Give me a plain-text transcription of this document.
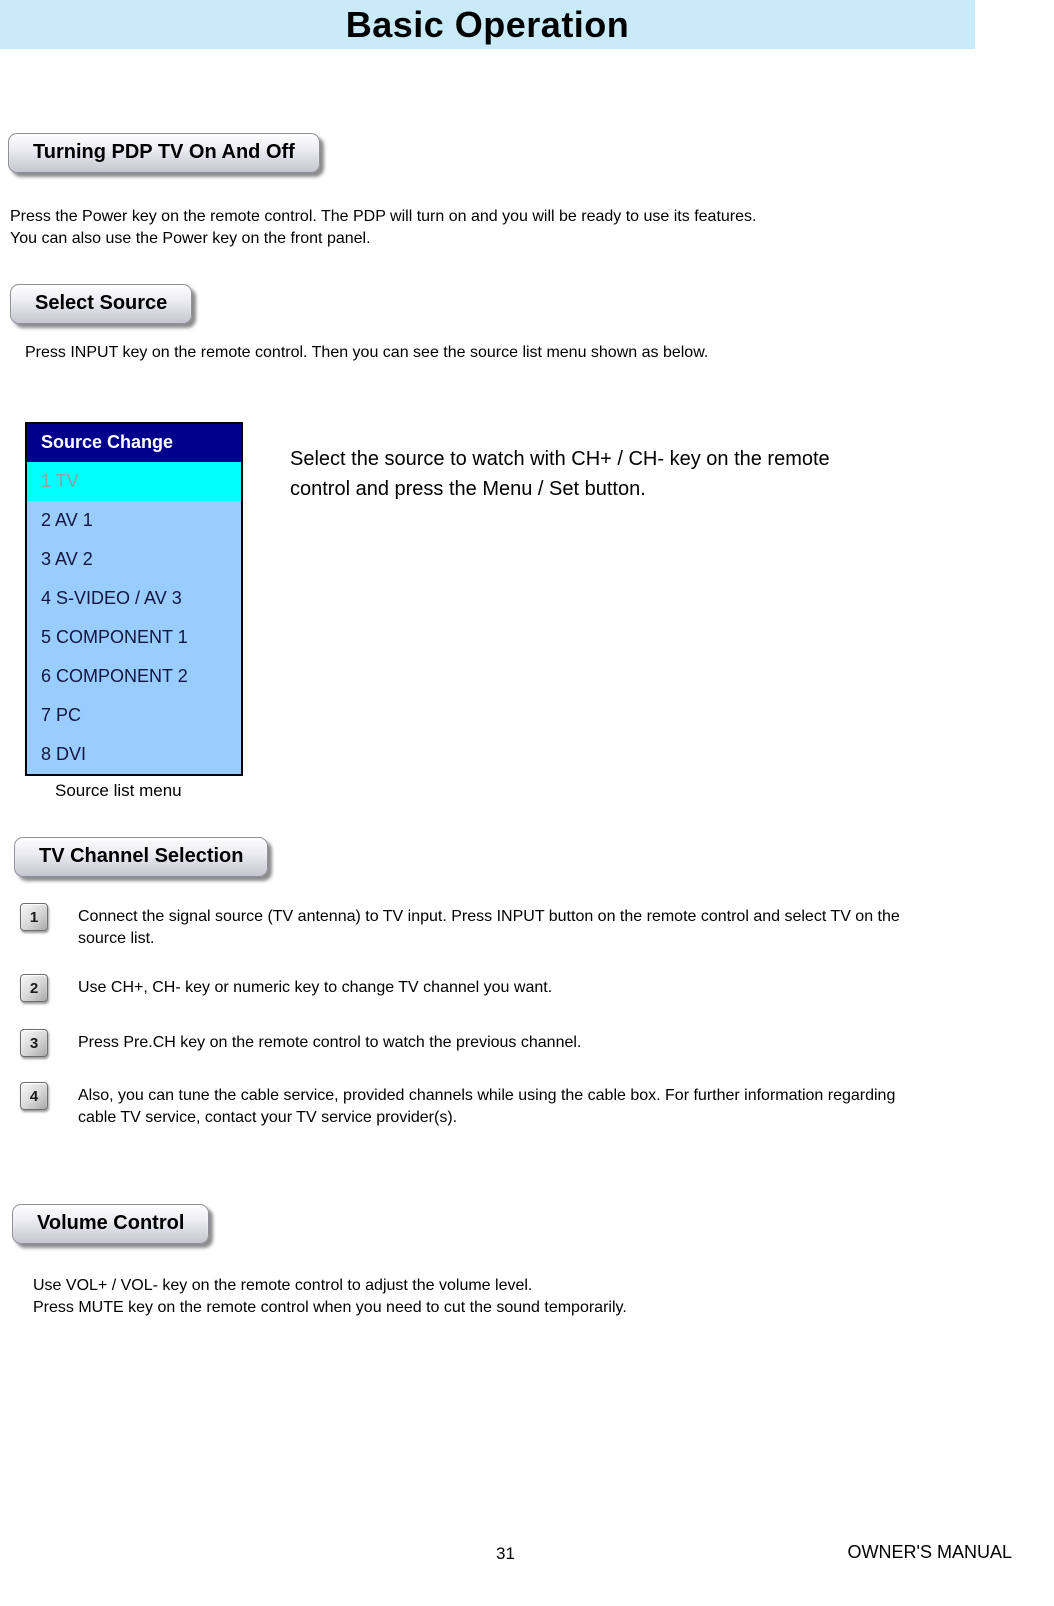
Basic Operation
Turning PDP TV On And Off

Press the Power key on the remote control. The PDP will turn on and you will be ready to use its features.
You can also use the Power key on the front panel.

Select Source

Press INPUT key on the remote control. Then you can see the source list menu shown as below.

Source Change
1 TV
2 AV 1
3 AV 2
4 S-VIDEO / AV 3
5 COMPONENT 1
6 COMPONENT 2
7 PC
8 DVI
Source list menu
Select the source to watch with CH+ / CH- key on the remote control and press the Menu / Set button.
TV Channel Selection
1	Connect the signal source (TV antenna) to TV input. Press INPUT button on the remote control and select TV on the source list.
2	Use CH+, CH- key or numeric key to change TV channel you want.
3	Press Pre.CH key on the remote control to watch the previous channel.
4	Also, you can tune the cable service, provided channels while using the cable box. For further information regarding cable TV service, contact your TV service provider(s).
Volume Control

Use VOL+ / VOL- key on the remote control to adjust the volume level.
Press MUTE key on the remote control when you need to cut the sound temporarily.

31	OWNER'S MANUAL
